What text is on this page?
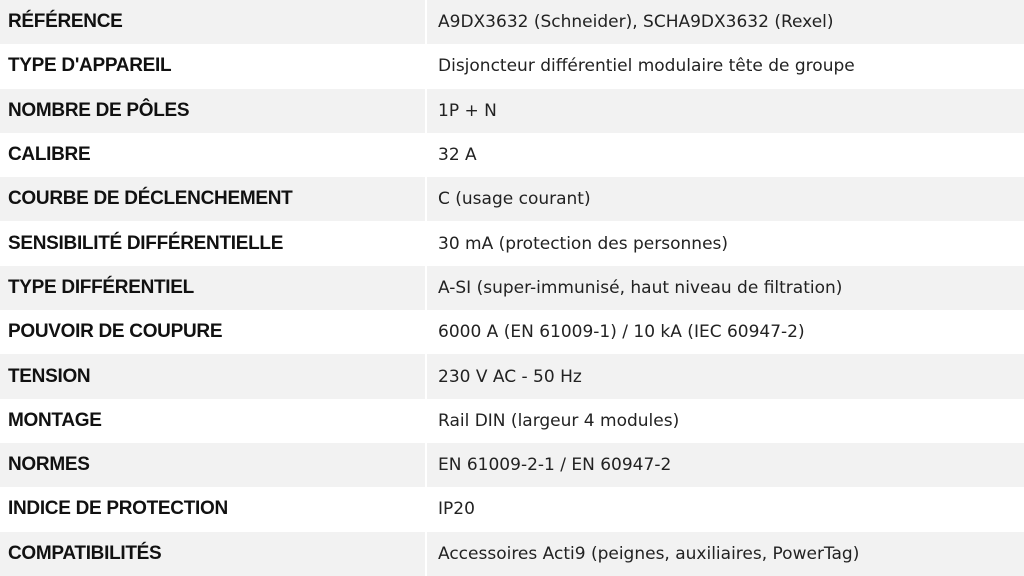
RÉFÉRENCE	A9DX3632 (Schneider), SCHA9DX3632 (Rexel)
TYPE D'APPAREIL	Disjoncteur différentiel modulaire tête de groupe
NOMBRE DE PÔLES	1P + N
CALIBRE	32 A
COURBE DE DÉCLENCHEMENT	C (usage courant)
SENSIBILITÉ DIFFÉRENTIELLE	30 mA (protection des personnes)
TYPE DIFFÉRENTIEL	A-SI (super-immunisé, haut niveau de filtration)
POUVOIR DE COUPURE	6000 A (EN 61009-1) / 10 kA (IEC 60947-2)
TENSION	230 V AC - 50 Hz
MONTAGE	Rail DIN (largeur 4 modules)
NORMES	EN 61009-2-1 / EN 60947-2
INDICE DE PROTECTION	IP20
COMPATIBILITÉS	Accessoires Acti9 (peignes, auxiliaires, PowerTag)
